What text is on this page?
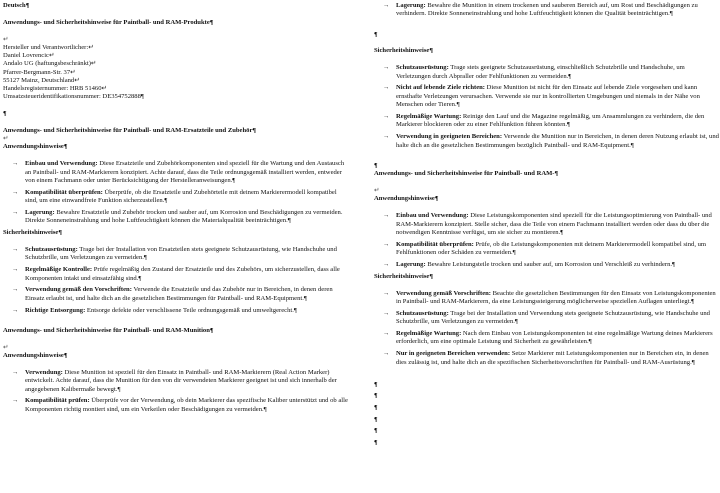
Deutsch¶
Anwendungs- und Sicherheitshinweise für Paintball- und RAM-Produkte¶
↵
Hersteller und Verantwortlicher:↵
Daniel Lovrencic↵
Andalo UG (haftungsbeschränkt)↵
Pfarrer-Bergmann-Str. 37↵
55127 Mainz, Deutschland↵
Handelsregisternummer: HRB 51460↵
Umsatzsteueridentifikationsnummer: DE354752888¶
¶
Anwendungs- und Sicherheitshinweise für Paintball- und RAM-Ersatzteile und Zubehör¶
↵
Anwendungshinweise¶
→ Einbau und Verwendung: Diese Ersatzteile und Zubehörkomponenten sind speziell für die Wartung und den Austausch an Paintball- und RAM-Markierern konzipiert. Achte darauf, dass die Teile ordnungsgemäß installiert werden, entweder von einem Fachmann oder unter Berücksichtigung der Herstelleranweisungen.¶
→ Kompatibilität überprüfen: Überprüfe, ob die Ersatzteile und Zubehörteile mit deinem Markierermodell kompatibel sind, um eine einwandfreie Funktion sicherzustellen.¶
→ Lagerung: Bewahre Ersatzteile und Zubehör trocken und sauber auf, um Korrosion und Beschädigungen zu vermeiden. Direkte Sonneneinstrahlung und hohe Luftfeuchtigkeit können die Materialqualität beeinträchtigen.¶
Sicherheitshinweise¶
→ Schutzausrüstung: Trage bei der Installation von Ersatzteilen stets geeignete Schutzausrüstung, wie Handschuhe und Schutzbrille, um Verletzungen zu vermeiden.¶
→ Regelmäßige Kontrolle: Prüfe regelmäßig den Zustand der Ersatzteile und des Zubehörs, um sicherzustellen, dass alle Komponenten intakt und einsatzfähig sind.¶
→ Verwendung gemäß den Vorschriften: Verwende die Ersatzteile und das Zubehör nur in Bereichen, in denen deren Einsatz erlaubt ist, und halte dich an die gesetzlichen Bestimmungen für Paintball- und RAM-Equipment.¶
→ Richtige Entsorgung: Entsorge defekte oder verschlissene Teile ordnungsgemäß und umweltgerecht.¶
Anwendungs- und Sicherheitshinweise für Paintball- und RAM-Munition¶
↵
Anwendungshinweise¶
→ Verwendung: Diese Munition ist speziell für den Einsatz in Paintball- und RAM-Markierern (Real Action Marker) entwickelt. Achte darauf, dass die Munition für den von dir verwendeten Markierer geeignet ist und sich innerhalb der angegebenen Kalibermaße bewegt.¶
→ Kompatibilität prüfen: Überprüfe vor der Verwendung, ob dein Markierer das spezifische Kaliber unterstützt und ob alle Komponenten richtig montiert sind, um ein Verkeilen oder Beschädigungen zu vermeiden.¶
→ Lagerung: Bewahre die Munition in einem trockenen und sauberen Bereich auf, um Rost und Beschädigungen zu verhindern. Direkte Sonneneinstrahlung und hohe Luftfeuchtigkeit können die Qualität beeinträchtigen.¶
¶
Sicherheitshinweise¶
→ Schutzausrüstung: Trage stets geeignete Schutzausrüstung, einschließlich Schutzbrille und Handschuhe, um Verletzungen durch Abpraller oder Fehlfunktionen zu vermeiden.¶
→ Nicht auf lebende Ziele richten: Diese Munition ist nicht für den Einsatz auf lebende Ziele vorgesehen und kann ernsthafte Verletzungen verursachen. Verwende sie nur in kontrollierten Umgebungen und niemals in der Nähe von Menschen oder Tieren.¶
→ Regelmäßige Wartung: Reinige den Lauf und die Magazine regelmäßig, um Ansammlungen zu verhindern, die den Markierer blockieren oder zu einer Fehlfunktion führen könnten.¶
→ Verwendung in geeigneten Bereichen: Verwende die Munition nur in Bereichen, in denen deren Nutzung erlaubt ist, und halte dich an die gesetzlichen Bestimmungen bezüglich Paintball- und RAM-Equipment.¶
¶
Anwendungs- und Sicherheitshinweise für Paintball- und RAM-¶
↵
Anwendungshinweise¶
→ Einbau und Verwendung: Diese Leistungskomponenten sind speziell für die Leistungsoptimierung von Paintball- und RAM-Markierern konzipiert. Stelle sicher, dass die Teile von einem Fachmann installiert werden oder dass du über die notwendigen Kenntnisse verfügst, um sie sicher zu montieren.¶
→ Kompatibilität überprüfen: Prüfe, ob die Leistungskomponenten mit deinem Markierermodell kompatibel sind, um Fehlfunktionen oder Schäden zu vermeiden.¶
→ Lagerung: Bewahre Leistungsteile trocken und sauber auf, um Korrosion und Verschleiß zu verhindern.¶
Sicherheitshinweise¶
→ Verwendung gemäß Vorschriften: Beachte die gesetzlichen Bestimmungen für den Einsatz von Leistungskomponenten in Paintball- und RAM-Markierern, da eine Leistungssteigerung möglicherweise speziellen Auflagen unterliegt.¶
→ Schutzausrüstung: Trage bei der Installation und Verwendung stets geeignete Schutzausrüstung, wie Handschuhe und Schutzbrille, um Verletzungen zu vermeiden.¶
→ Regelmäßige Wartung: Nach dem Einbau von Leistungskomponenten ist eine regelmäßige Wartung deines Markierers erforderlich, um eine optimale Leistung und Sicherheit zu gewährleisten.¶
→ Nur in geeigneten Bereichen verwenden: Setze Markierer mit Leistungskomponenten nur in Bereichen ein, in denen dies zulässig ist, und halte dich an die spezifischen Sicherheitsvorschriften für Paintball- und RAM-Ausrüstung.¶
¶
¶
¶
¶
¶
¶
